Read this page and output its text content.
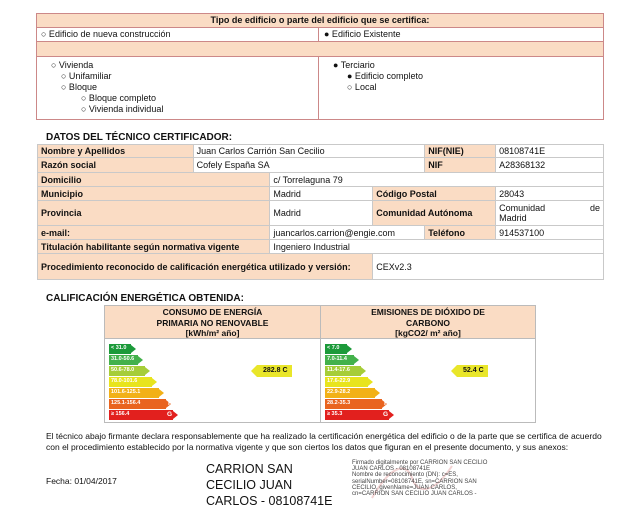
Tipo de edificio o parte del edificio que se certifica:
○ Edificio de nueva construcción	● Edificio Existente
○ Vivienda
○ Unifamiliar
○ Bloque
○ Bloque completo
○ Vivienda individual
● Terciario
● Edificio completo
○ Local
DATOS DEL TÉCNICO CERTIFICADOR:
Nombre y Apellidos	Juan Carlos Carrión San Cecilio			NIF(NIE)	08108741E
Razón social	Cofely España SA			NIF	A28368132
Domicilio		c/ Torrelaguna 79			
Municipio		Madrid	Código Postal		28043
Provincia		Madrid	Comunidad Autónoma		Comunidad de
Madrid

e-mail:		juancarlos.carrion@engie.com		Teléfono	914537100
Titulación habilitante según normativa vigente		Ingeniero Industrial			
Procedimiento reconocido de calificación energética utilizado y versión:			CEXv2.3		
CALIFICACIÓN ENERGÉTICA OBTENIDA:
CONSUMO DE ENERGÍA
PRIMARIA NO RENOVABLE
[kWh/m² año]
< 31.0	A
31.0-50.6	B
50.6-78.0	C
78.0-101.6	D
101.6-125.1	E
125.1-156.4	F
≥ 156.4	G
282.8 C
EMISIONES DE DIÓXIDO DE
CARBONO
[kgCO2/ m² año]
< 7.0	A
7.0-11.4	B
11.4-17.6	C
17.6-22.9	D
22.9-28.2	E
28.2-35.3	F
≥ 35.3	G
52.4 C
El técnico abajo firmante declara responsablemente que ha realizado la certificación energética del edificio o de la parte que se certifica de acuerdo con el procedimiento establecido por la normativa vigente y que son ciertos los datos que figuran en el presente documento, y sus anexos:
Fecha: 01/04/2017
CARRION SAN
CECILIO JUAN
CARLOS - 08108741E
Firmado digitalmente por CARRION SAN CECILIO
JUAN CARLOS - 08108741E
Nombre de reconocimiento (DN): c=ES,
serialNumber=08108741E, sn=CARRION SAN
CECILIO, givenName=JUAN CARLOS,
cn=CARRION SAN CECILIO JUAN CARLOS -
